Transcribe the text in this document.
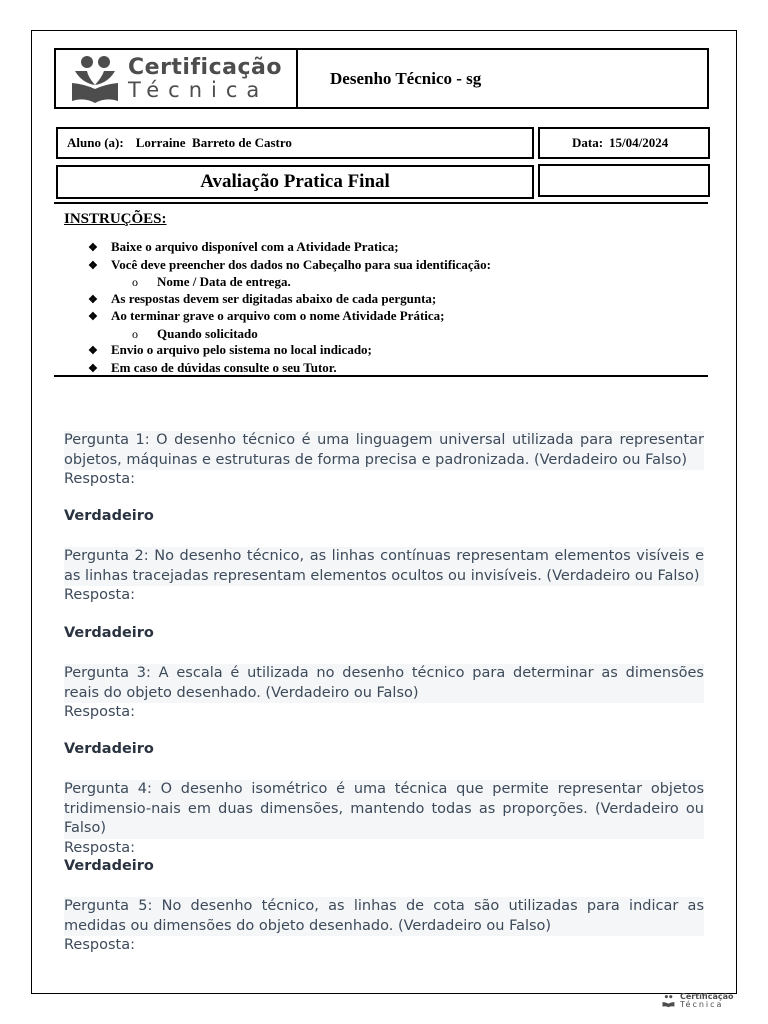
Certificação
Técnica	Desenho Técnico - sg
Aluno (a): Lorraine  Barreto de Castro	Data: 15/04/2024
Avaliação Pratica Final
INSTRUÇÕES:
❖	Baixe o arquivo disponível com a Atividade Pratica;
❖	Você deve preencher dos dados no Cabeçalho para sua identificação:
o	Nome / Data de entrega.
❖	As respostas devem ser digitadas abaixo de cada pergunta;
❖	Ao terminar grave o arquivo com o nome Atividade Prática;
o	Quando solicitado
❖	Envio o arquivo pelo sistema no local indicado;
❖	Em caso de dúvidas consulte o seu Tutor.
Pergunta 1: O desenho técnico é uma linguagem universal utilizada para representar objetos, máquinas e estruturas de forma precisa e padronizada. (Verdadeiro ou Falso)
Resposta:
Verdadeiro
Pergunta 2: No desenho técnico, as linhas contínuas representam elementos visíveis e as linhas tracejadas representam elementos ocultos ou invisíveis. (Verdadeiro ou Falso)
Resposta:
Verdadeiro
Pergunta 3: A escala é utilizada no desenho técnico para determinar as dimensões reais do objeto desenhado. (Verdadeiro ou Falso)
Resposta:
Verdadeiro
Pergunta 4: O desenho isométrico é uma técnica que permite representar objetos tridimensio-nais em duas dimensões, mantendo todas as proporções. (Verdadeiro ou Falso)
Resposta:
Verdadeiro
Pergunta 5: No desenho técnico, as linhas de cota são utilizadas para indicar as medidas ou dimensões do objeto desenhado. (Verdadeiro ou Falso)
Resposta:
Certificação
Técnica
